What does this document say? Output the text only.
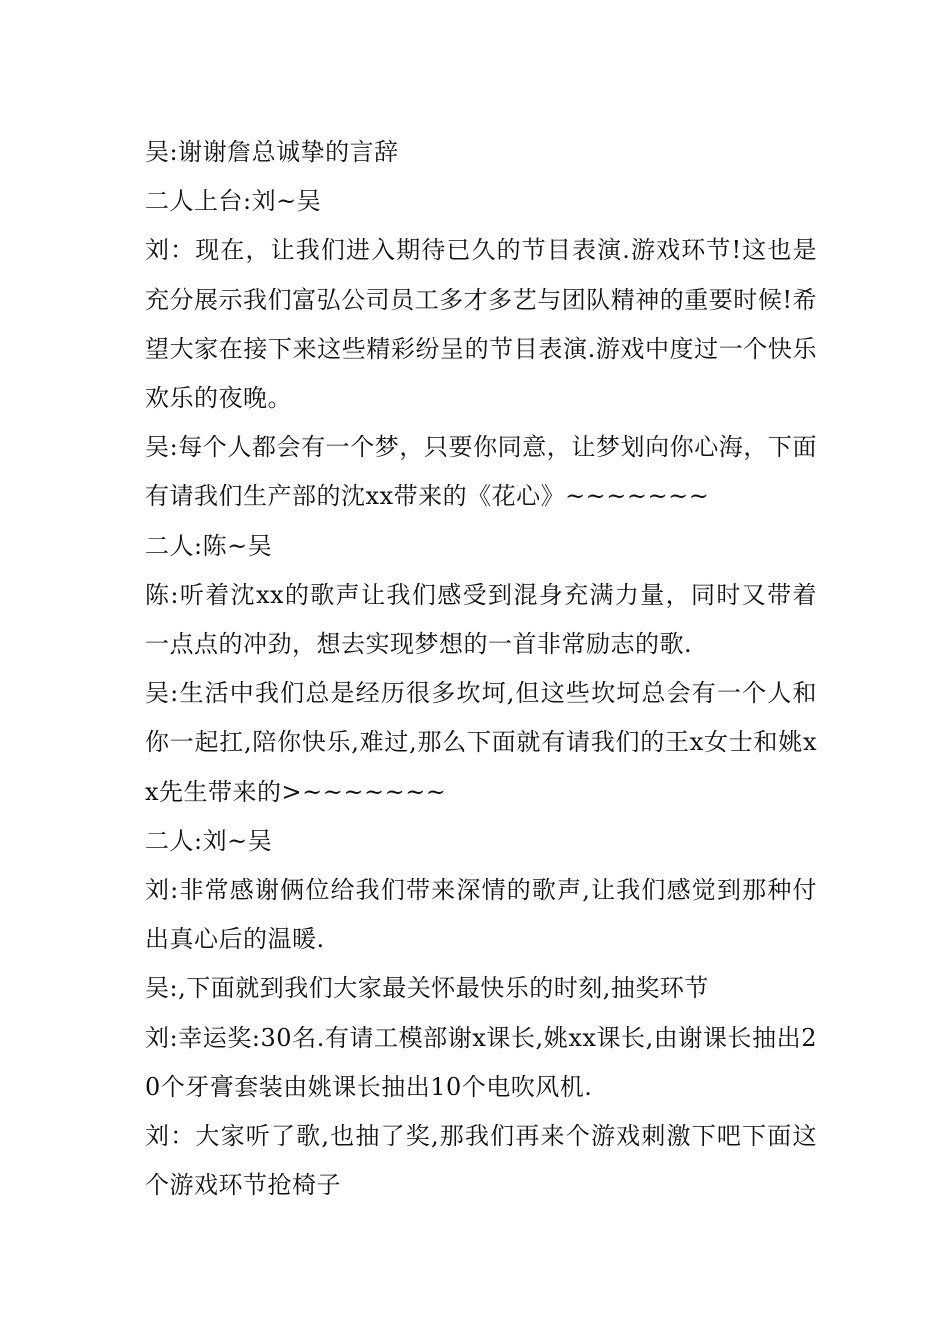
吴:谢谢詹总诚挚的言辞

二人上台:刘~吴

刘：现在，让我们进入期待已久的节目表演.游戏环节!这也是充分展示我们富弘公司员工多才多艺与团队精神的重要时候!希望大家在接下来这些精彩纷呈的节目表演.游戏中度过一个快乐欢乐的夜晚。

吴:每个人都会有一个梦，只要你同意，让梦划向你心海，下面有请我们生产部的沈xx带来的《花心》~~~~~~~

二人:陈~吴

陈:听着沈xx的歌声让我们感受到混身充满力量，同时又带着一点点的冲劲，想去实现梦想的一首非常励志的歌.

吴:生活中我们总是经历很多坎坷,但这些坎坷总会有一个人和你一起扛,陪你快乐,难过,那么下面就有请我们的王x女士和姚xx先生带来的>~~~~~~~

二人:刘~吴

刘:非常感谢俩位给我们带来深情的歌声,让我们感觉到那种付出真心后的温暖.

吴:,下面就到我们大家最关怀最快乐的时刻,抽奖环节

刘:幸运奖:30名.有请工模部谢x课长,姚xx课长,由谢课长抽出20个牙膏套装由姚课长抽出10个电吹风机.

刘：大家听了歌,也抽了奖,那我们再来个游戏刺激下吧下面这个游戏环节抢椅子
